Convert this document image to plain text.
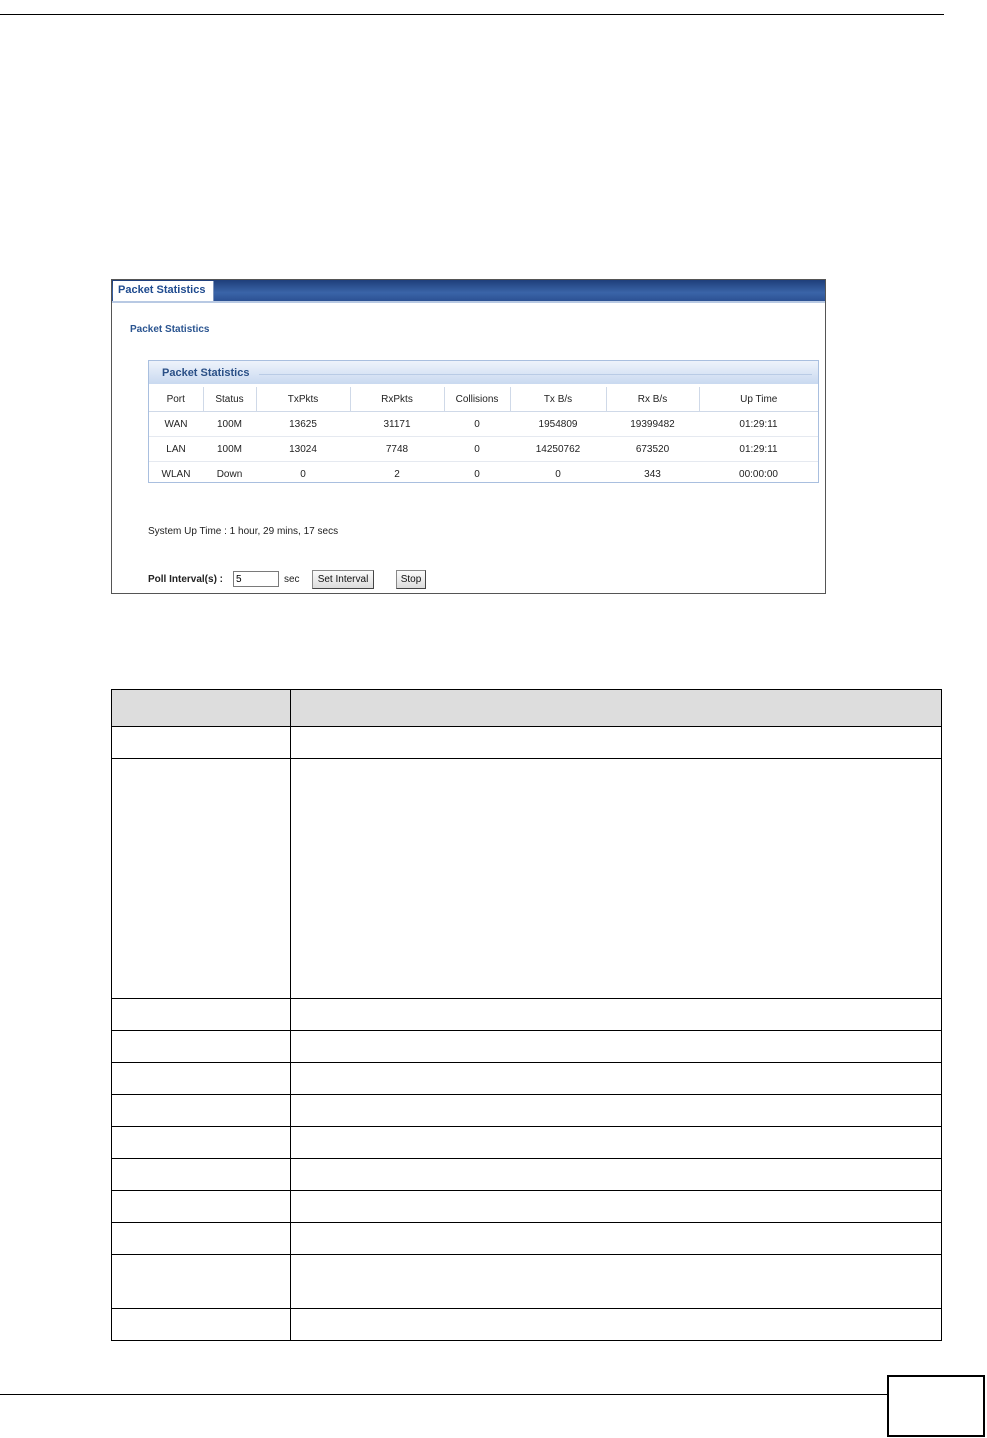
Packet Statistics
Packet Statistics
Packet Statistics
Port	Status	TxPkts	RxPkts	Collisions	Tx B/s	Rx B/s	Up Time
WAN	100M	13625	31171	0	1954809	19399482	01:29:11
LAN	100M	13024	7748	0	14250762	673520	01:29:11
WLAN	Down	0	2	0	0	343	00:00:00
System Up Time : 1 hour, 29 mins, 17 secs
Poll Interval(s) :
5	sec	Set Interval	Stop
